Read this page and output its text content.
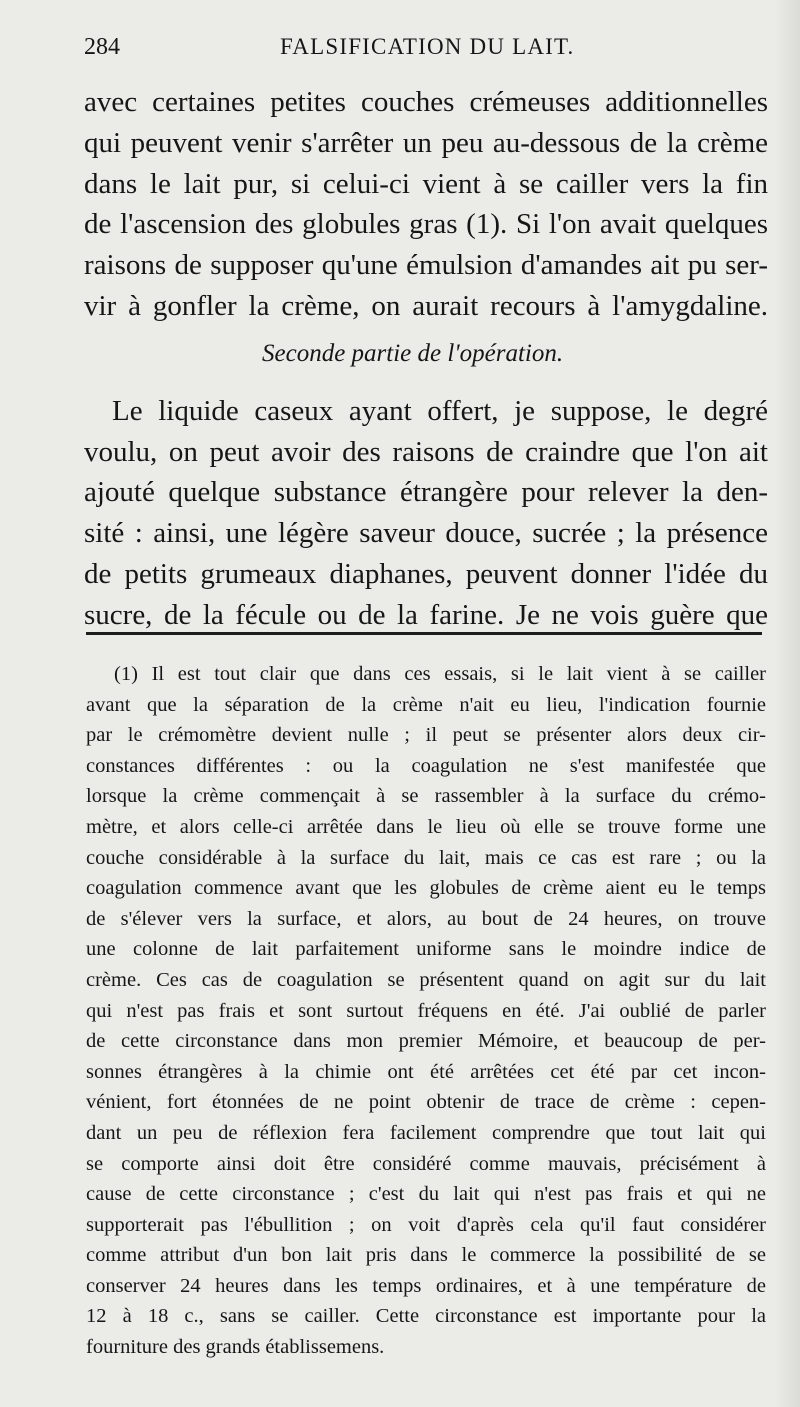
284	FALSIFICATION DU LAIT.
avec certaines petites couches crémeuses additionnelles
qui peuvent venir s'arrêter un peu au-dessous de la crème
dans le lait pur, si celui-ci vient à se cailler vers la fin
de l'ascension des globules gras (1). Si l'on avait quelques
raisons de supposer qu'une émulsion d'amandes ait pu ser-
vir à gonfler la crème, on aurait recours à l'amygdaline.
Seconde partie de l'opération.
Le liquide caseux ayant offert, je suppose, le degré
voulu, on peut avoir des raisons de craindre que l'on ait
ajouté quelque substance étrangère pour relever la den-
sité : ainsi, une légère saveur douce, sucrée ; la présence
de petits grumeaux diaphanes, peuvent donner l'idée du
sucre, de la fécule ou de la farine. Je ne vois guère que
(1) Il est tout clair que dans ces essais, si le lait vient à se cailler
avant que la séparation de la crème n'ait eu lieu, l'indication fournie
par le crémomètre devient nulle ; il peut se présenter alors deux cir-
constances différentes : ou la coagulation ne s'est manifestée que
lorsque la crème commençait à se rassembler à la surface du crémo-
mètre, et alors celle-ci arrêtée dans le lieu où elle se trouve forme une
couche considérable à la surface du lait, mais ce cas est rare ; ou la
coagulation commence avant que les globules de crème aient eu le temps
de s'élever vers la surface, et alors, au bout de 24 heures, on trouve
une colonne de lait parfaitement uniforme sans le moindre indice de
crème. Ces cas de coagulation se présentent quand on agit sur du lait
qui n'est pas frais et sont surtout fréquens en été. J'ai oublié de parler
de cette circonstance dans mon premier Mémoire, et beaucoup de per-
sonnes étrangères à la chimie ont été arrêtées cet été par cet incon-
vénient, fort étonnées de ne point obtenir de trace de crème : cepen-
dant un peu de réflexion fera facilement comprendre que tout lait qui
se comporte ainsi doit être considéré comme mauvais, précisément à
cause de cette circonstance ; c'est du lait qui n'est pas frais et qui ne
supporterait pas l'ébullition ; on voit d'après cela qu'il faut considérer
comme attribut d'un bon lait pris dans le commerce la possibilité de se
conserver 24 heures dans les temps ordinaires, et à une température de
12 à 18 c., sans se cailler. Cette circonstance est importante pour la
fourniture des grands établissemens.
